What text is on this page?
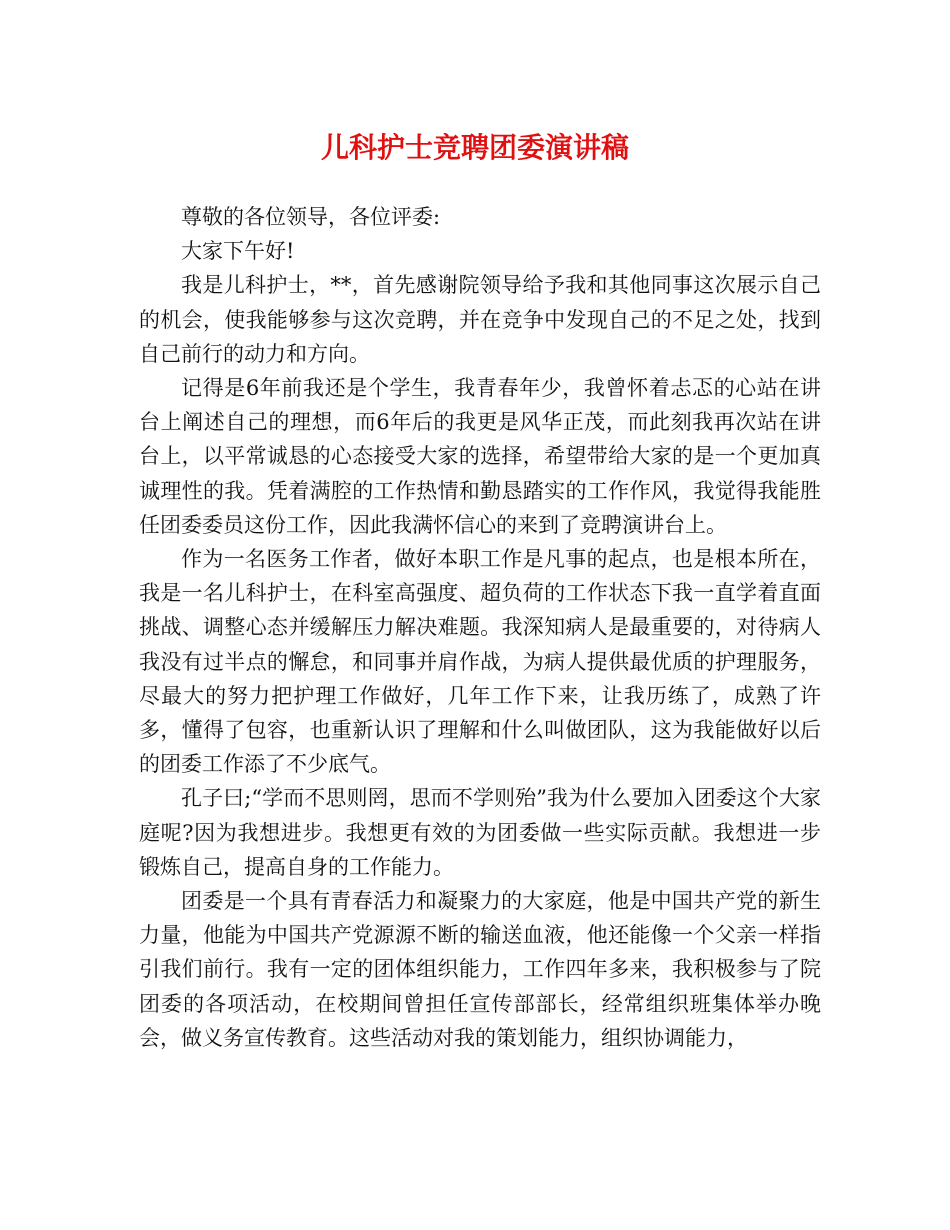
儿科护士竞聘团委演讲稿

尊敬的各位领导，各位评委:

大家下午好!

我是儿科护士，**，首先感谢院领导给予我和其他同事这次展示自己的机会，使我能够参与这次竞聘，并在竞争中发现自己的不足之处，找到自己前行的动力和方向。

记得是6年前我还是个学生，我青春年少，我曾怀着忐忑的心站在讲台上阐述自己的理想，而6年后的我更是风华正茂，而此刻我再次站在讲台上，以平常诚恳的心态接受大家的选择，希望带给大家的是一个更加真诚理性的我。凭着满腔的工作热情和勤恳踏实的工作作风，我觉得我能胜任团委委员这份工作，因此我满怀信心的来到了竞聘演讲台上。

作为一名医务工作者，做好本职工作是凡事的起点，也是根本所在，我是一名儿科护士，在科室高强度、超负荷的工作状态下我一直学着直面挑战、调整心态并缓解压力解决难题。我深知病人是最重要的，对待病人我没有过半点的懈怠，和同事并肩作战，为病人提供最优质的护理服务，尽最大的努力把护理工作做好，几年工作下来，让我历练了，成熟了许多，懂得了包容，也重新认识了理解和什么叫做团队，这为我能做好以后的团委工作添了不少底气。

孔子曰;“学而不思则罔，思而不学则殆”我为什么要加入团委这个大家庭呢?因为我想进步。我想更有效的为团委做一些实际贡献。我想进一步锻炼自己，提高自身的工作能力。

团委是一个具有青春活力和凝聚力的大家庭，他是中国共产党的新生力量，他能为中国共产党源源不断的输送血液，他还能像一个父亲一样指引我们前行。我有一定的团体组织能力，工作四年多来，我积极参与了院团委的各项活动，在校期间曾担任宣传部部长，经常组织班集体举办晚会，做义务宣传教育。这些活动对我的策划能力，组织协调能力，
